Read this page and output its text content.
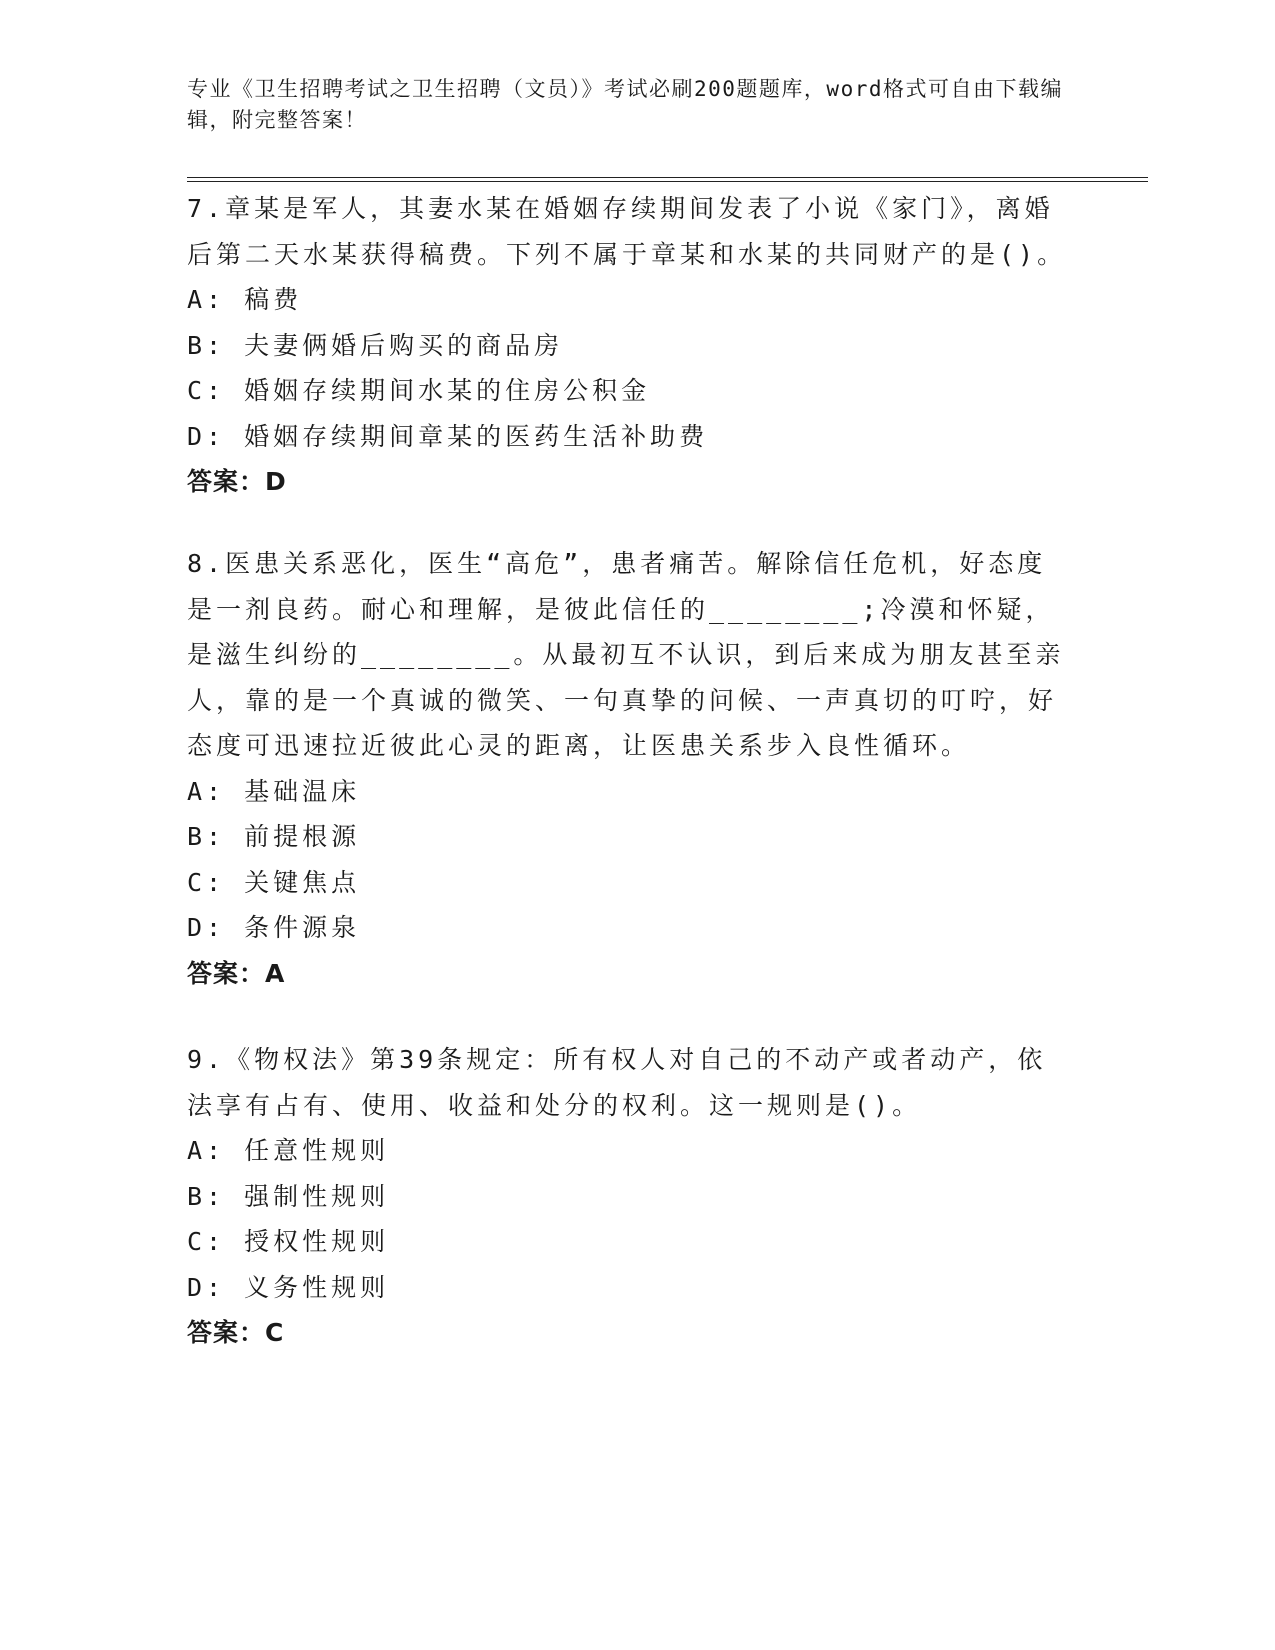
专业《卫生招聘考试之卫生招聘（文员）》考试必刷200题题库，word格式可自由下载编辑，附完整答案！

7.章某是军人，其妻水某在婚姻存续期间发表了小说《家门》，离婚后第二天水某获得稿费。下列不属于章某和水某的共同财产的是()。

A: 稿费

B: 夫妻俩婚后购买的商品房

C: 婚姻存续期间水某的住房公积金

D: 婚姻存续期间章某的医药生活补助费

答案：D

8.医患关系恶化，医生“高危”，患者痛苦。解除信任危机，好态度是一剂良药。耐心和理解，是彼此信任的________;冷漠和怀疑，是滋生纠纷的________。从最初互不认识，到后来成为朋友甚至亲人，靠的是一个真诚的微笑、一句真挚的问候、一声真切的叮咛，好态度可迅速拉近彼此心灵的距离，让医患关系步入良性循环。

A: 基础温床

B: 前提根源

C: 关键焦点

D: 条件源泉

答案：A

9.《物权法》第39条规定：所有权人对自己的不动产或者动产，依法享有占有、使用、收益和处分的权利。这一规则是()。

A: 任意性规则

B: 强制性规则

C: 授权性规则

D: 义务性规则

答案：C
